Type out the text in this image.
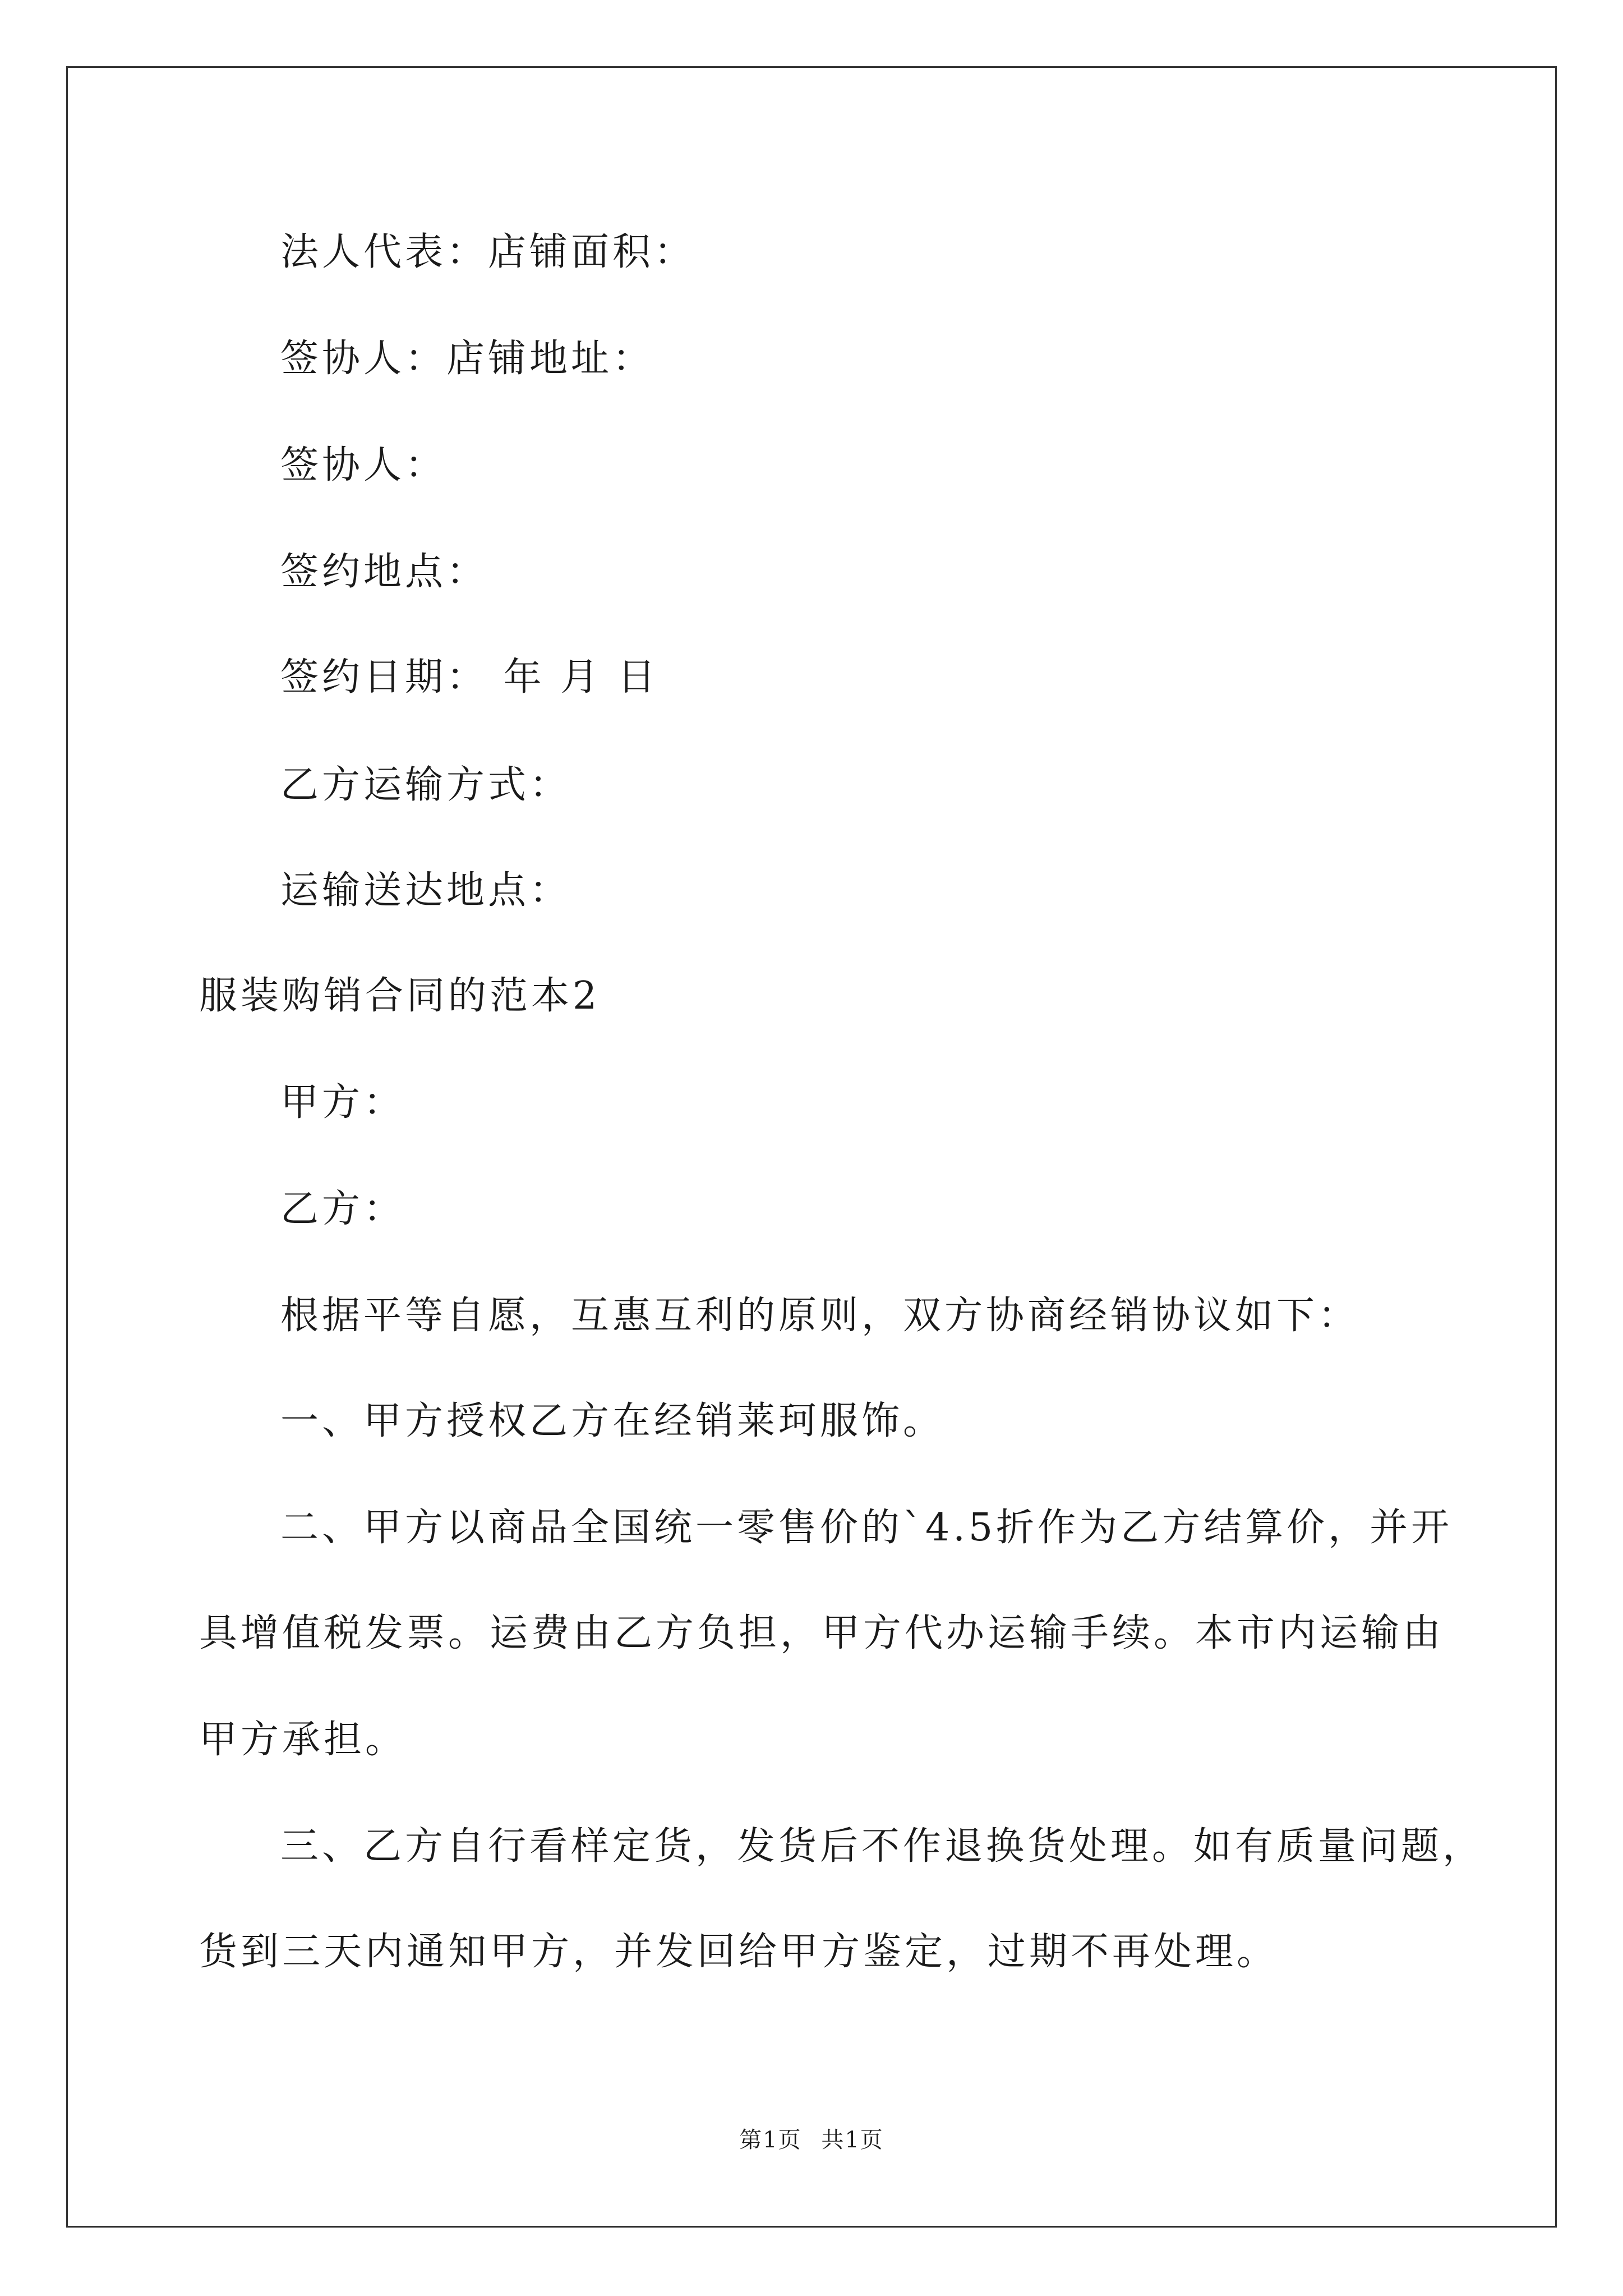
法人代表：店铺面积：
签协人：店铺地址：
签协人：
签约地点：
签约日期： 年 月 日
乙方运输方式：
运输送达地点：
服装购销合同的范本2
甲方：
乙方：
根据平等自愿，互惠互利的原则，双方协商经销协议如下：
一、甲方授权乙方在经销莱珂服饰。
二、甲方以商品全国统一零售价的`4.5折作为乙方结算价，并开
具增值税发票。运费由乙方负担，甲方代办运输手续。本市内运输由
甲方承担。
三、乙方自行看样定货，发货后不作退换货处理。如有质量问题，
货到三天内通知甲方，并发回给甲方鉴定，过期不再处理。
第1页 共1页
